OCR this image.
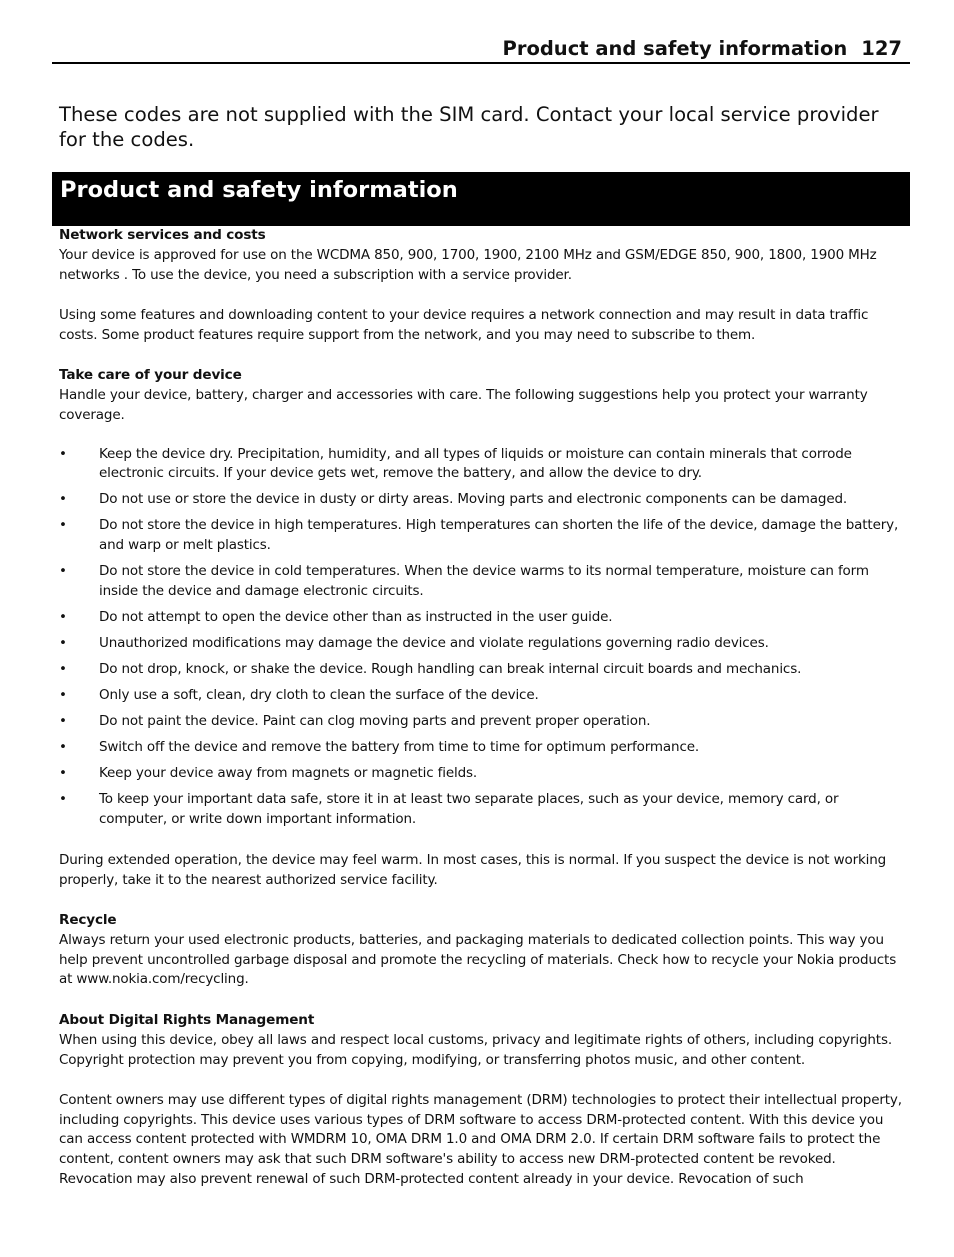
Product and safety information 127

These codes are not supplied with the SIM card. Contact your local service provider for the codes.

Product and safety information
Network services and costs

Your device is approved for use on the WCDMA 850, 900, 1700, 1900, 2100 MHz and GSM/EDGE 850, 900, 1800, 1900 MHz networks . To use the device, you need a subscription with a service provider.

Using some features and downloading content to your device requires a network connection and may result in data traffic costs. Some product features require support from the network, and you may need to subscribe to them.

Take care of your device

Handle your device, battery, charger and accessories with care. The following suggestions help you protect your warranty coverage.

• Keep the device dry. Precipitation, humidity, and all types of liquids or moisture can contain minerals that corrode electronic circuits. If your device gets wet, remove the battery, and allow the device to dry.
• Do not use or store the device in dusty or dirty areas. Moving parts and electronic components can be damaged.
• Do not store the device in high temperatures. High temperatures can shorten the life of the device, damage the battery, and warp or melt plastics.
• Do not store the device in cold temperatures. When the device warms to its normal temperature, moisture can form inside the device and damage electronic circuits.
• Do not attempt to open the device other than as instructed in the user guide.
• Unauthorized modifications may damage the device and violate regulations governing radio devices.
• Do not drop, knock, or shake the device. Rough handling can break internal circuit boards and mechanics.
• Only use a soft, clean, dry cloth to clean the surface of the device.
• Do not paint the device. Paint can clog moving parts and prevent proper operation.
• Switch off the device and remove the battery from time to time for optimum performance.
• Keep your device away from magnets or magnetic fields.
• To keep your important data safe, store it in at least two separate places, such as your device, memory card, or computer, or write down important information.

During extended operation, the device may feel warm. In most cases, this is normal. If you suspect the device is not working properly, take it to the nearest authorized service facility.

Recycle

Always return your used electronic products, batteries, and packaging materials to dedicated collection points. This way you help prevent uncontrolled garbage disposal and promote the recycling of materials. Check how to recycle your Nokia products at www.nokia.com/recycling.

About Digital Rights Management

When using this device, obey all laws and respect local customs, privacy and legitimate rights of others, including copyrights. Copyright protection may prevent you from copying, modifying, or transferring photos music, and other content.

Content owners may use different types of digital rights management (DRM) technologies to protect their intellectual property, including copyrights. This device uses various types of DRM software to access DRM-protected content. With this device you can access content protected with WMDRM 10, OMA DRM 1.0 and OMA DRM 2.0. If certain DRM software fails to protect the content, content owners may ask that such DRM software's ability to access new DRM-protected content be revoked. Revocation may also prevent renewal of such DRM-protected content already in your device. Revocation of such
